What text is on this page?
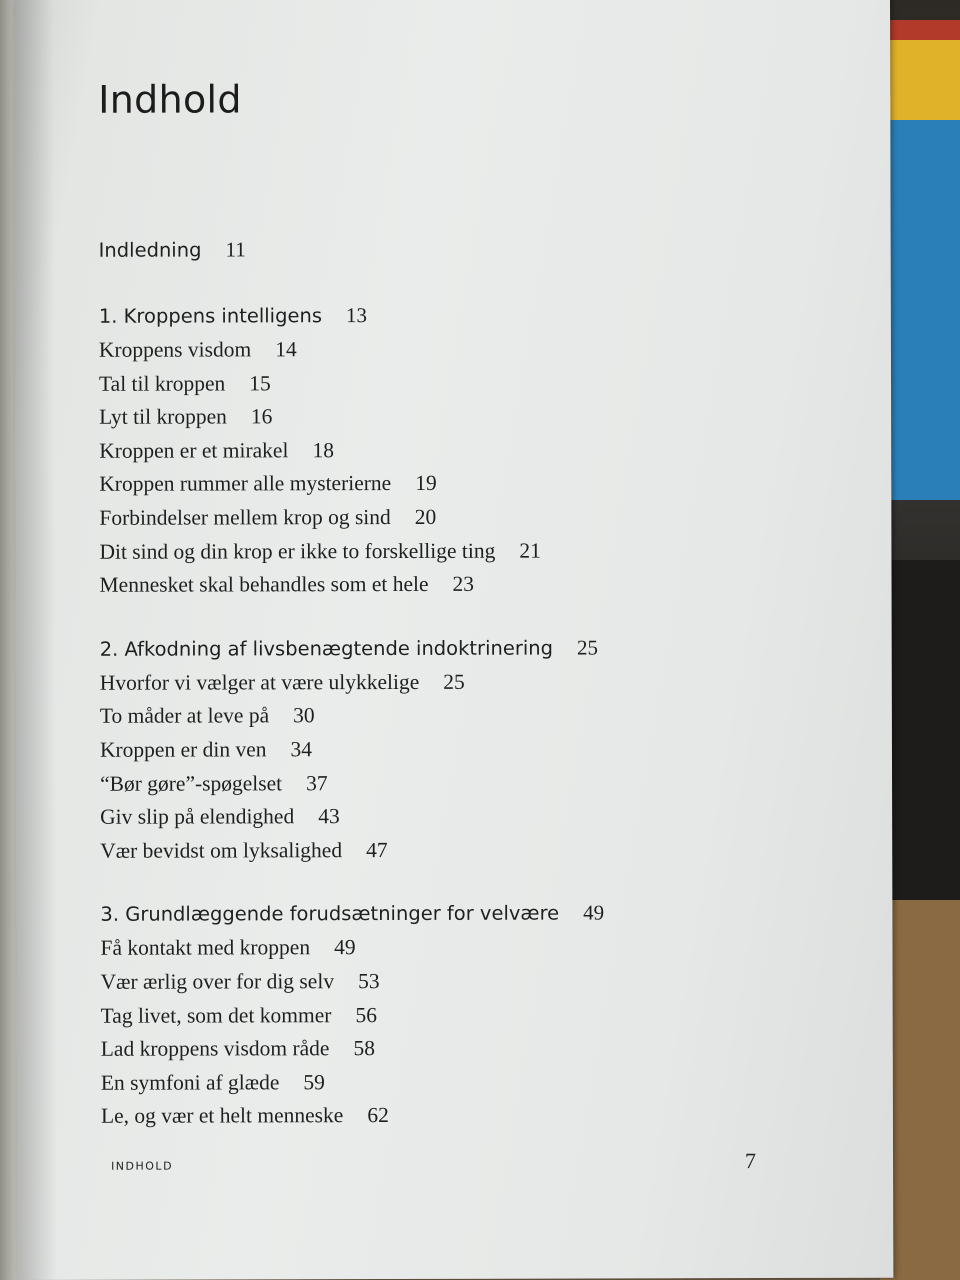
Indhold
Indledning 11
1. Kroppens intelligens 13
Kroppens visdom 14
Tal til kroppen 15
Lyt til kroppen 16
Kroppen er et mirakel 18
Kroppen rummer alle mysterierne 19
Forbindelser mellem krop og sind 20
Dit sind og din krop er ikke to forskellige ting 21
Mennesket skal behandles som et hele 23
2. Afkodning af livsbenægtende indoktrinering 25
Hvorfor vi vælger at være ulykkelige 25
To måder at leve på 30
Kroppen er din ven 34
“Bør gøre”-spøgelset 37
Giv slip på elendighed 43
Vær bevidst om lyksalighed 47
3. Grundlæggende forudsætninger for velvære 49
Få kontakt med kroppen 49
Vær ærlig over for dig selv 53
Tag livet, som det kommer 56
Lad kroppens visdom råde 58
En symfoni af glæde 59
Le, og vær et helt menneske 62
INDHOLD	7
